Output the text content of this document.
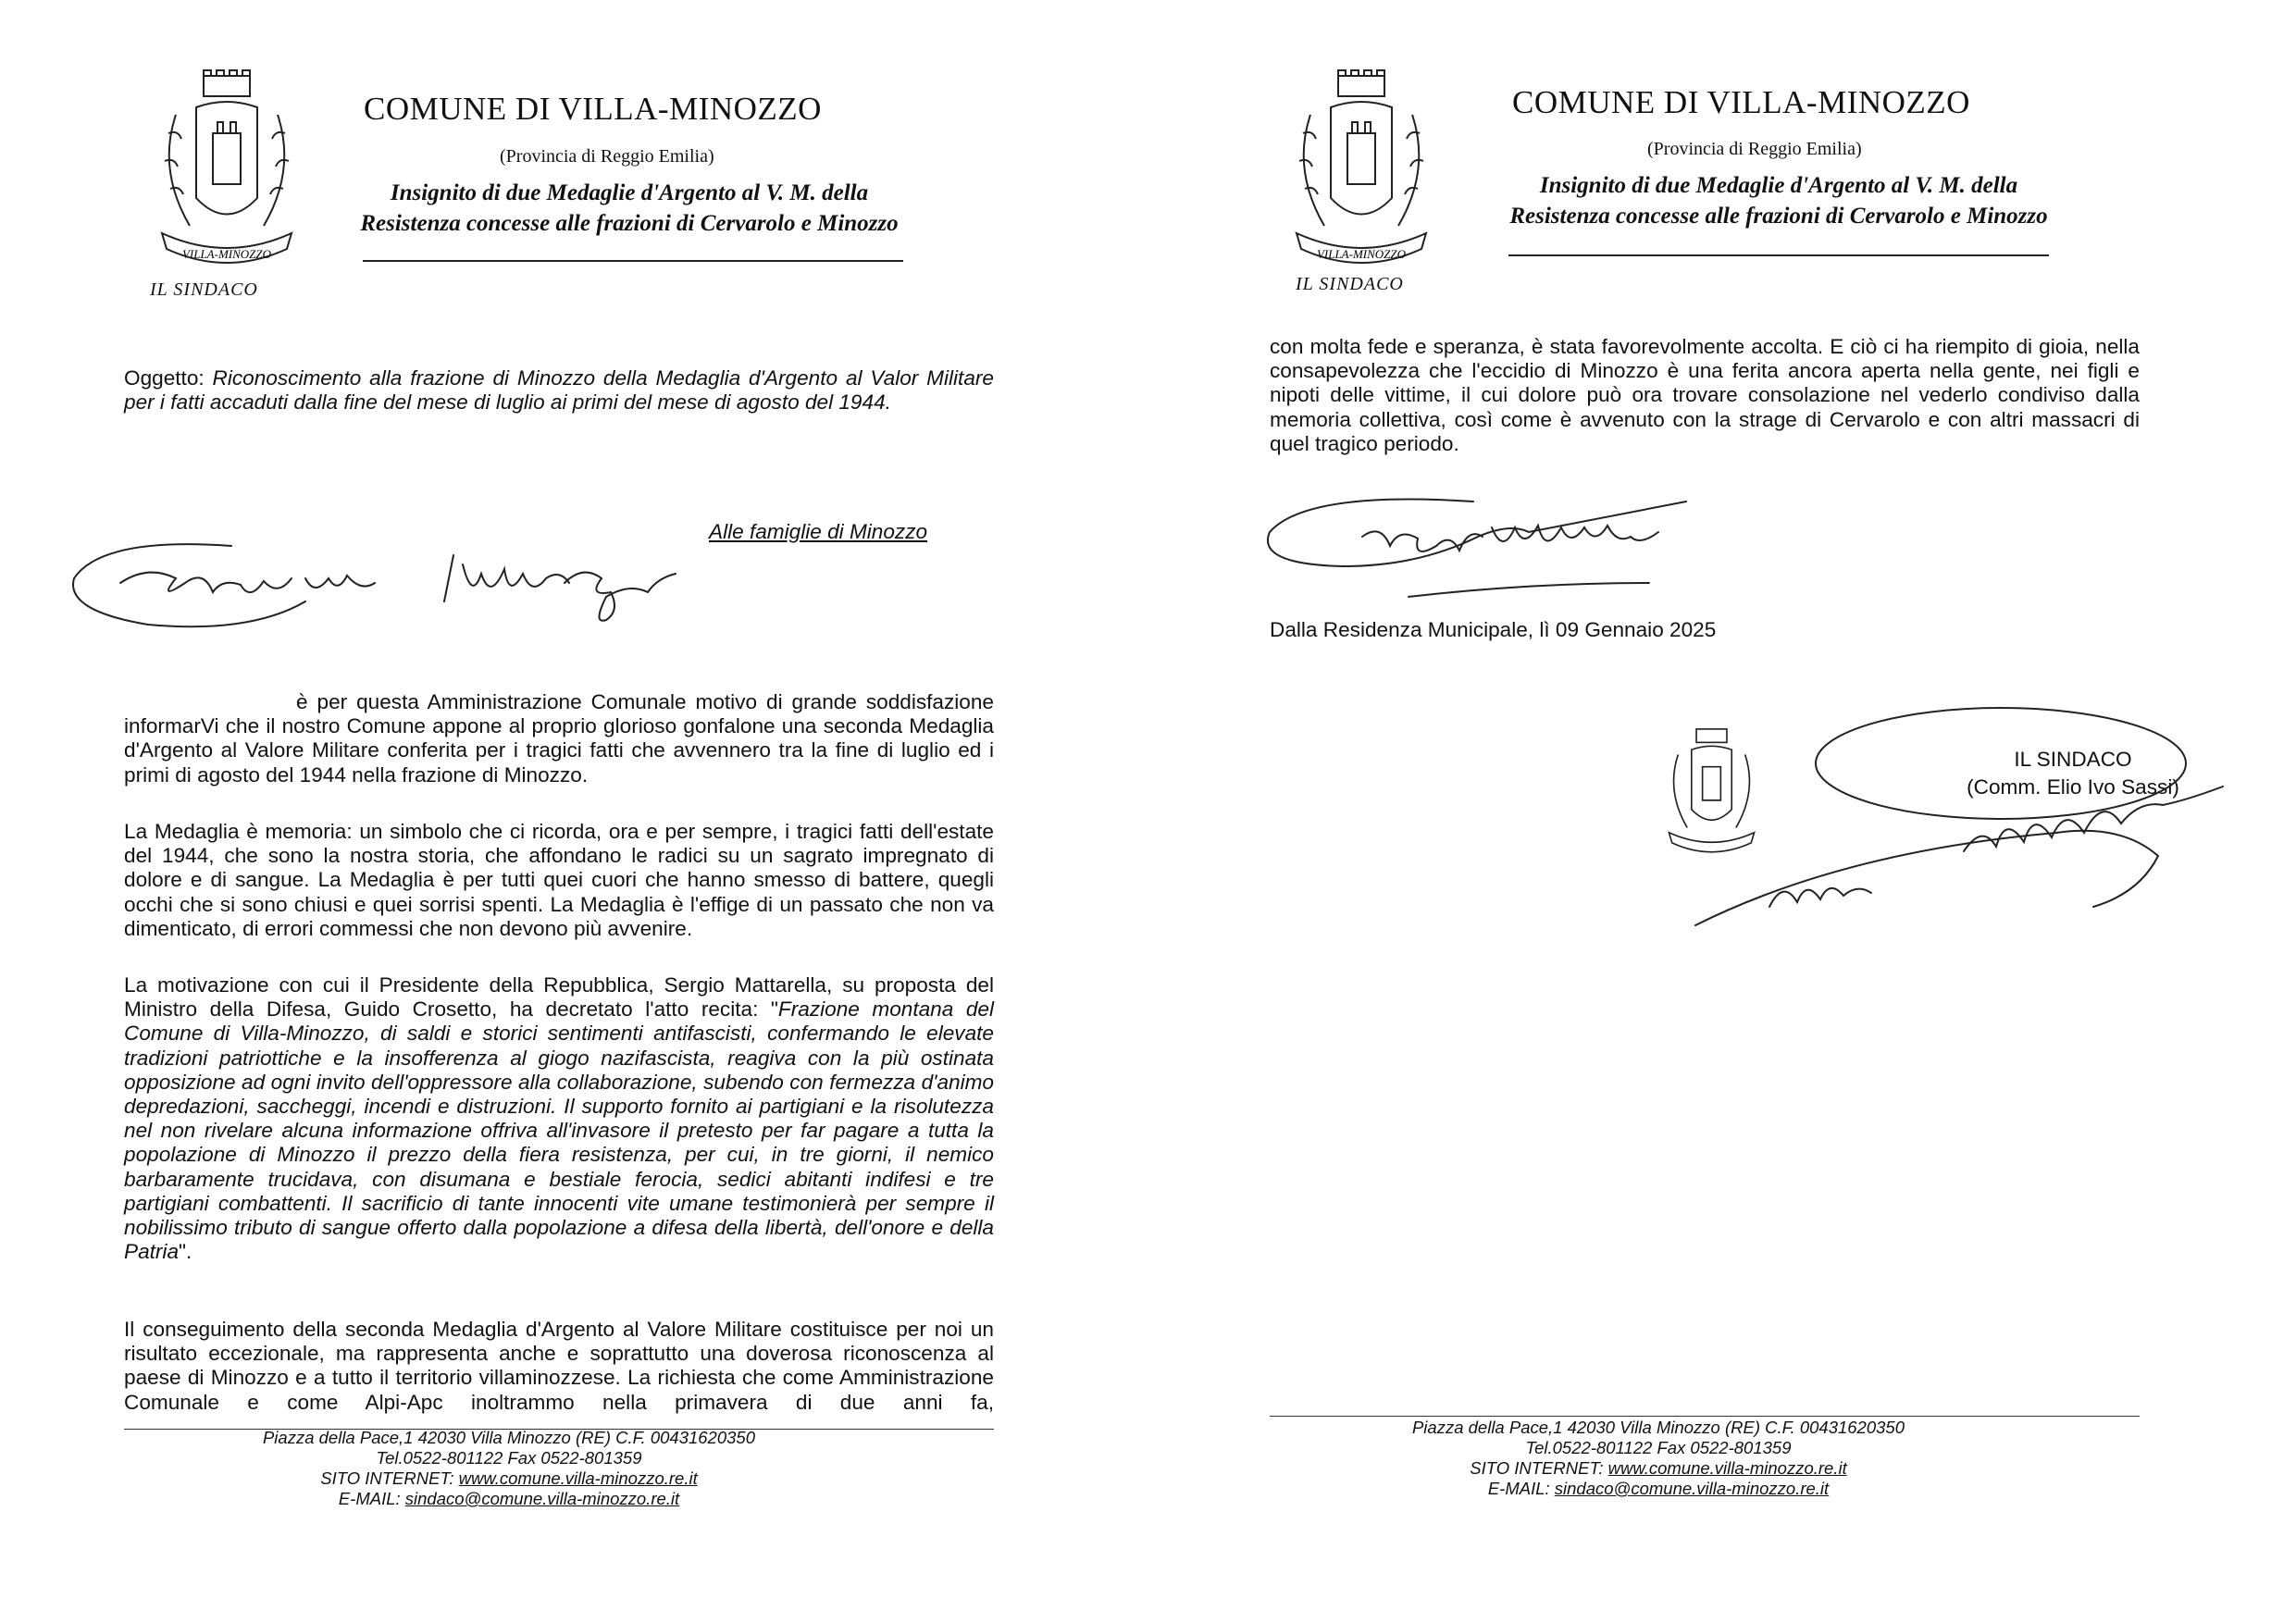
VILLA-MINOZZO
COMUNE DI VILLA-MINOZZO
(Provincia di Reggio Emilia)
Insignito di due Medaglie d'Argento al V. M. della
Resistenza concesse alle frazioni di Cervarolo e Minozzo
IL SINDACO
Oggetto: Riconoscimento alla frazione di Minozzo della Medaglia d'Argento al Valor Militare per i fatti accaduti dalla fine del mese di luglio ai primi del mese di agosto del 1944.
Alle famiglie di Minozzo
è per questa Amministrazione Comunale motivo di grande soddisfazione informarVi che il nostro Comune appone al proprio glorioso gonfalone una seconda Medaglia d'Argento al Valore Militare conferita per i tragici fatti che avvennero tra la fine di luglio ed i primi di agosto del 1944 nella frazione di Minozzo.
La Medaglia è memoria: un simbolo che ci ricorda, ora e per sempre, i tragici fatti dell'estate del 1944, che sono la nostra storia, che affondano le radici su un sagrato impregnato di dolore e di sangue. La Medaglia è per tutti quei cuori che hanno smesso di battere, quegli occhi che si sono chiusi e quei sorrisi spenti. La Medaglia è l'effige di un passato che non va dimenticato, di errori commessi che non devono più avvenire.
La motivazione con cui il Presidente della Repubblica, Sergio Mattarella, su proposta del Ministro della Difesa, Guido Crosetto, ha decretato l'atto recita: "Frazione montana del Comune di Villa-Minozzo, di saldi e storici sentimenti antifascisti, confermando le elevate tradizioni patriottiche e la insofferenza al giogo nazifascista, reagiva con la più ostinata opposizione ad ogni invito dell'oppressore alla collaborazione, subendo con fermezza d'animo depredazioni, saccheggi, incendi e distruzioni. Il supporto fornito ai partigiani e la risolutezza nel non rivelare alcuna informazione offriva all'invasore il pretesto per far pagare a tutta la popolazione di Minozzo il prezzo della fiera resistenza, per cui, in tre giorni, il nemico barbaramente trucidava, con disumana e bestiale ferocia, sedici abitanti indifesi e tre partigiani combattenti. Il sacrificio di tante innocenti vite umane testimonierà per sempre il nobilissimo tributo di sangue offerto dalla popolazione a difesa della libertà, dell'onore e della Patria".
Il conseguimento della seconda Medaglia d'Argento al Valore Militare costituisce per noi un risultato eccezionale, ma rappresenta anche e soprattutto una doverosa riconoscenza al paese di Minozzo e a tutto il territorio villaminozzese. La richiesta che come Amministrazione Comunale e come Alpi-Apc inoltrammo nella primavera di due anni fa,
Piazza della Pace,1 42030 Villa Minozzo (RE) C.F. 00431620350
Tel.0522-801122 Fax 0522-801359
SITO INTERNET: www.comune.villa-minozzo.re.it
E-MAIL: sindaco@comune.villa-minozzo.re.it
VILLA-MINOZZO
COMUNE DI VILLA-MINOZZO
(Provincia di Reggio Emilia)
Insignito di due Medaglie d'Argento al V. M. della
Resistenza concesse alle frazioni di Cervarolo e Minozzo
IL SINDACO
con molta fede e speranza, è stata favorevolmente accolta. E ciò ci ha riempito di gioia, nella consapevolezza che l'eccidio di Minozzo è una ferita ancora aperta nella gente, nei figli e nipoti delle vittime, il cui dolore può ora trovare consolazione nel vederlo condiviso dalla memoria collettiva, così come è avvenuto con la strage di Cervarolo e con altri massacri di quel tragico periodo.
Dalla Residenza Municipale, lì 09 Gennaio 2025
IL SINDACO
(Comm. Elio Ivo Sassi)
Piazza della Pace,1 42030 Villa Minozzo (RE) C.F. 00431620350
Tel.0522-801122 Fax 0522-801359
SITO INTERNET: www.comune.villa-minozzo.re.it
E-MAIL: sindaco@comune.villa-minozzo.re.it
